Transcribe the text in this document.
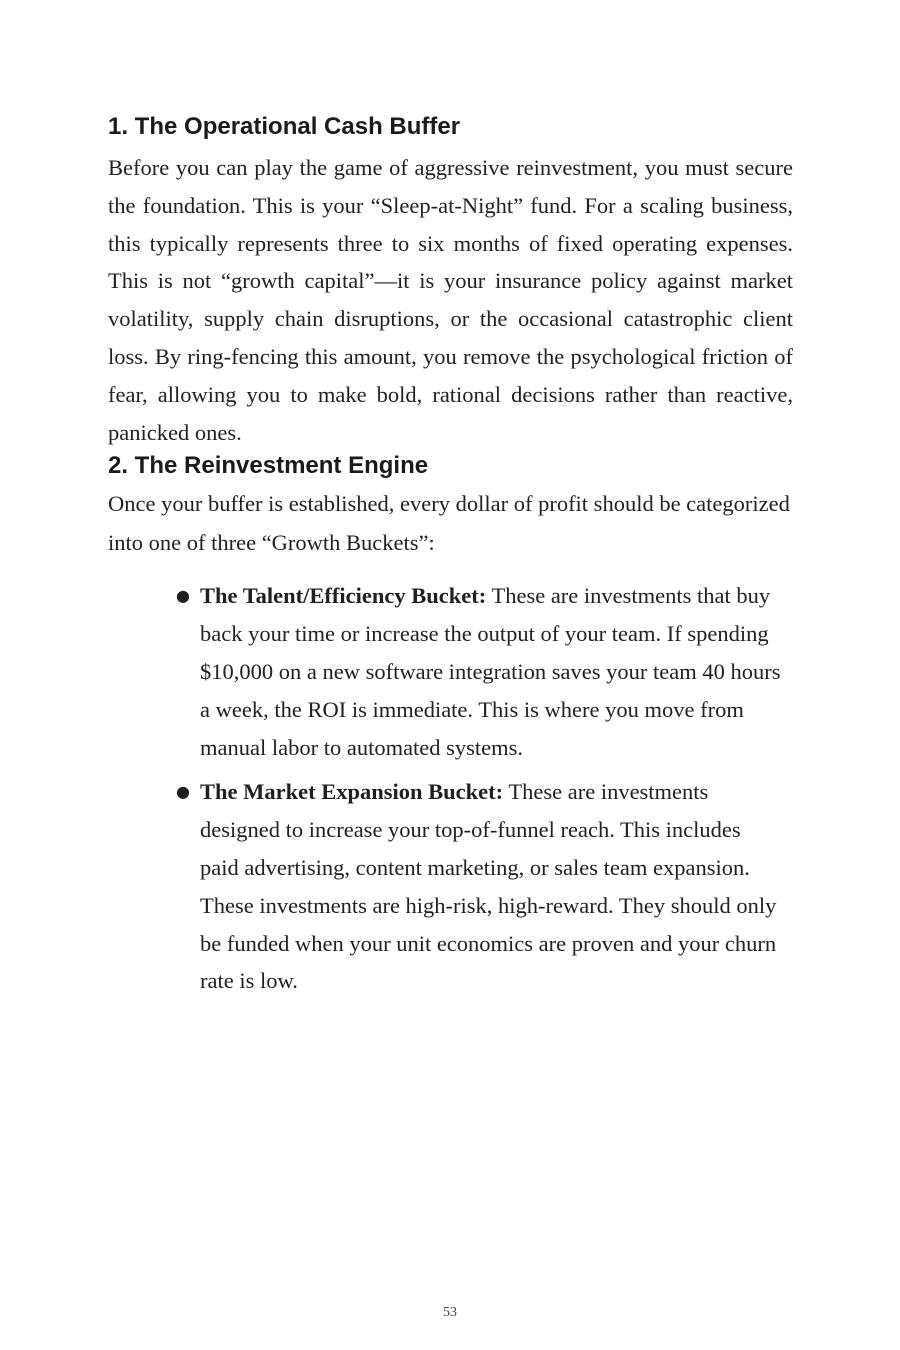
1. The Operational Cash Buffer

Before you can play the game of aggressive reinvestment, you must secure the foundation. This is your “Sleep-at-Night” fund. For a scaling business, this typically represents three to six months of fixed operating expenses. This is not “growth capital”—it is your insurance policy against market volatility, supply chain disruptions, or the occasional catastrophic client loss. By ring-fencing this amount, you remove the psychological friction of fear, allowing you to make bold, rational decisions rather than reactive, panicked ones.

2. The Reinvestment Engine

Once your buffer is established, every dollar of profit should be categorized into one of three “Growth Buckets”:

● The Talent/Efficiency Bucket: These are investments that buy back your time or increase the output of your team. If spending $10,000 on a new software integration saves your team 40 hours a week, the ROI is immediate. This is where you move from manual labor to automated systems.
● The Market Expansion Bucket: These are investments designed to increase your top-of-funnel reach. This includes paid advertising, content marketing, or sales team expansion. These investments are high-risk, high-reward. They should only be funded when your unit economics are proven and your churn rate is low.
53
